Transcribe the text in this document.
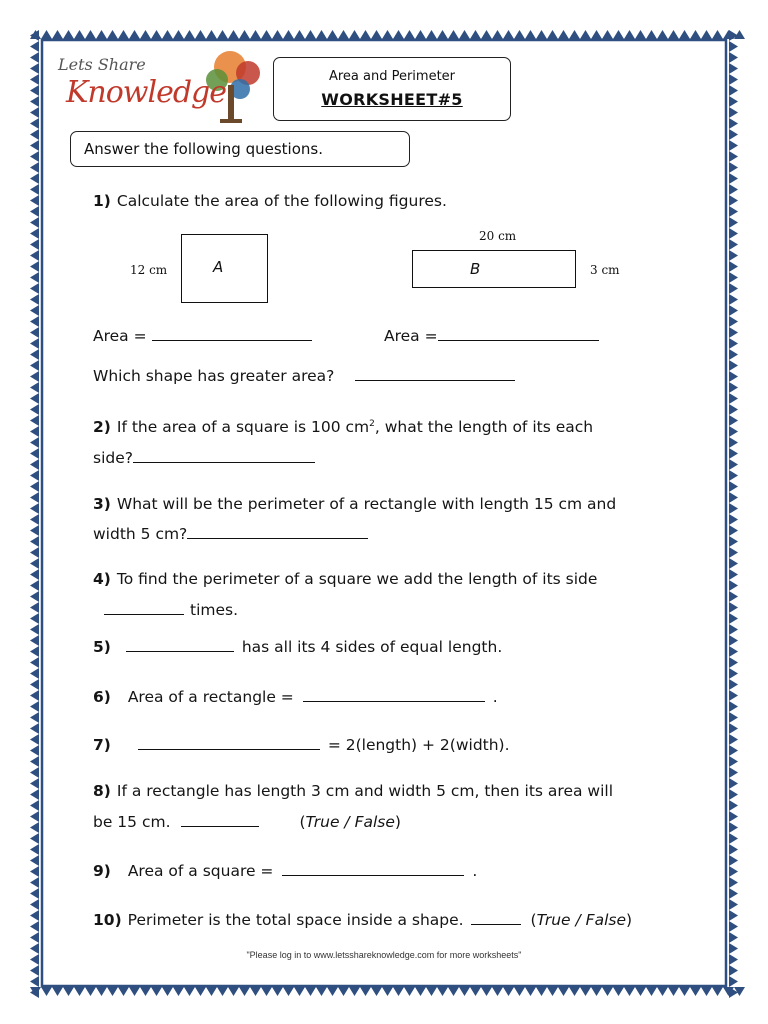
Lets Share
Knowledge	Area and Perimeter
WORKSHEET#5
Answer the following questions.
1) Calculate the area of the following figures.
12 cm	A
20 cm
B	3 cm
Area =	Area =
Which shape has greater area?
2) If the area of a square is 100 $cm^2$, what the length of its each
side?
3) What will be the perimeter of a rectangle with length 15 cm and
width 5 cm?
4) To find the perimeter of a square we add the length of its side
times.
5)	has all its 4 sides of equal length.
6) Area of a rectangle =	.
7)	= 2(length) + 2(width).
8) If a rectangle has length 3 cm and width 5 cm, then its area will
be 15 cm.	(True / False)
9) Area of a square =	.
10) Perimeter is the total space inside a shape.	(True / False)
"Please log in to www.letsshareknowledge.com for more worksheets"
